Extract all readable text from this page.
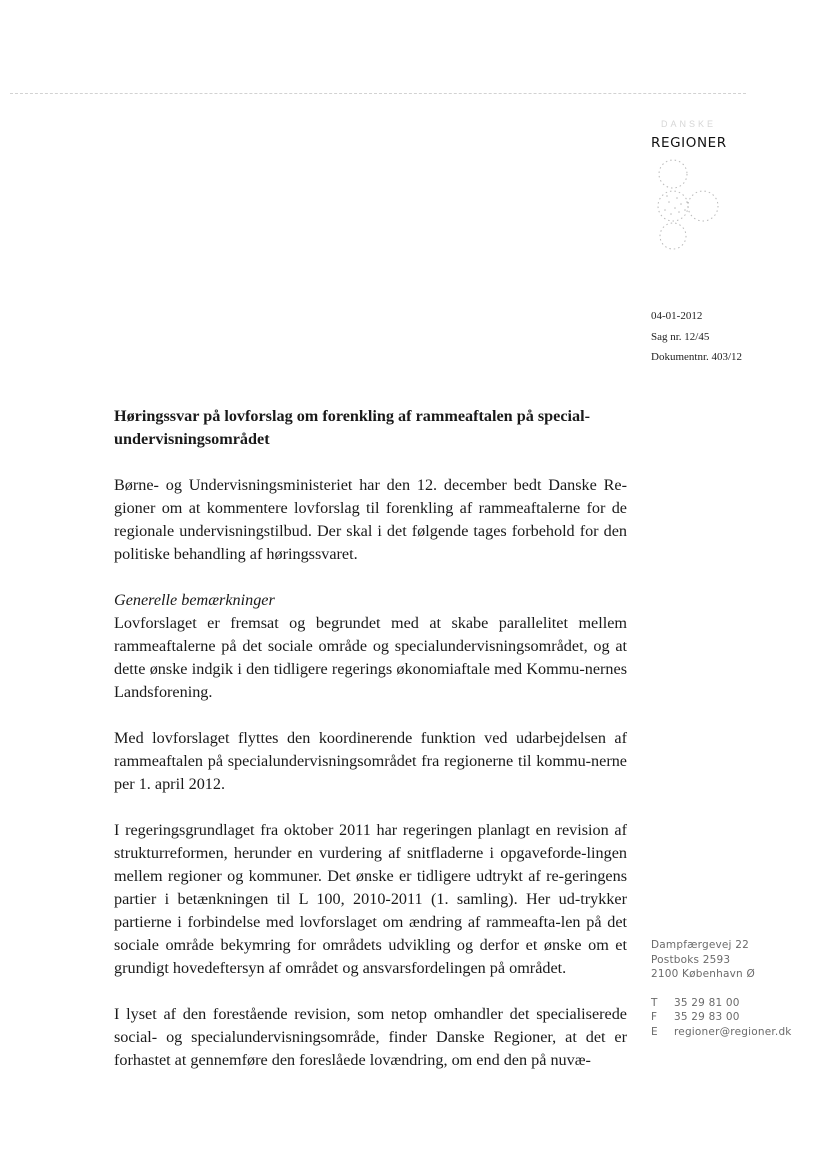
DANSKE
REGIONER
04-01-2012
Sag nr. 12/45
Dokumentnr. 403/12
Høringssvar på lovforslag om forenkling af rammeaftalen på special-
undervisningsområdet

Børne- og Undervisningsministeriet har den 12. december bedt Danske Re-gioner om at kommentere lovforslag til forenkling af rammeaftalerne for de regionale undervisningstilbud. Der skal i det følgende tages forbehold for den politiske behandling af høringssvaret.

Generelle bemærkninger

Lovforslaget er fremsat og begrundet med at skabe parallelitet mellem rammeaftalerne på det sociale område og specialundervisningsområdet, og at dette ønske indgik i den tidligere regerings økonomiaftale med Kommu-nernes Landsforening.

Med lovforslaget flyttes den koordinerende funktion ved udarbejdelsen af rammeaftalen på specialundervisningsområdet fra regionerne til kommu-nerne per 1. april 2012.

I regeringsgrundlaget fra oktober 2011 har regeringen planlagt en revision af strukturreformen, herunder en vurdering af snitfladerne i opgaveforde-lingen mellem regioner og kommuner. Det ønske er tidligere udtrykt af re-geringens partier i betænkningen til L 100, 2010-2011 (1. samling). Her ud-trykker partierne i forbindelse med lovforslaget om ændring af rammeafta-len på det sociale område bekymring for områdets udvikling og derfor et ønske om et grundigt hovedeftersyn af området og ansvarsfordelingen på området.

I lyset af den forestående revision, som netop omhandler det specialiserede social- og specialundervisningsområde, finder Danske Regioner, at det er forhastet at gennemføre den foreslåede lovændring, om end den på nuvæ-

Dampfærgevej 22
Postboks 2593
2100 København Ø
T	35 29 81 00
F	35 29 83 00
E	regioner@regioner.dk
